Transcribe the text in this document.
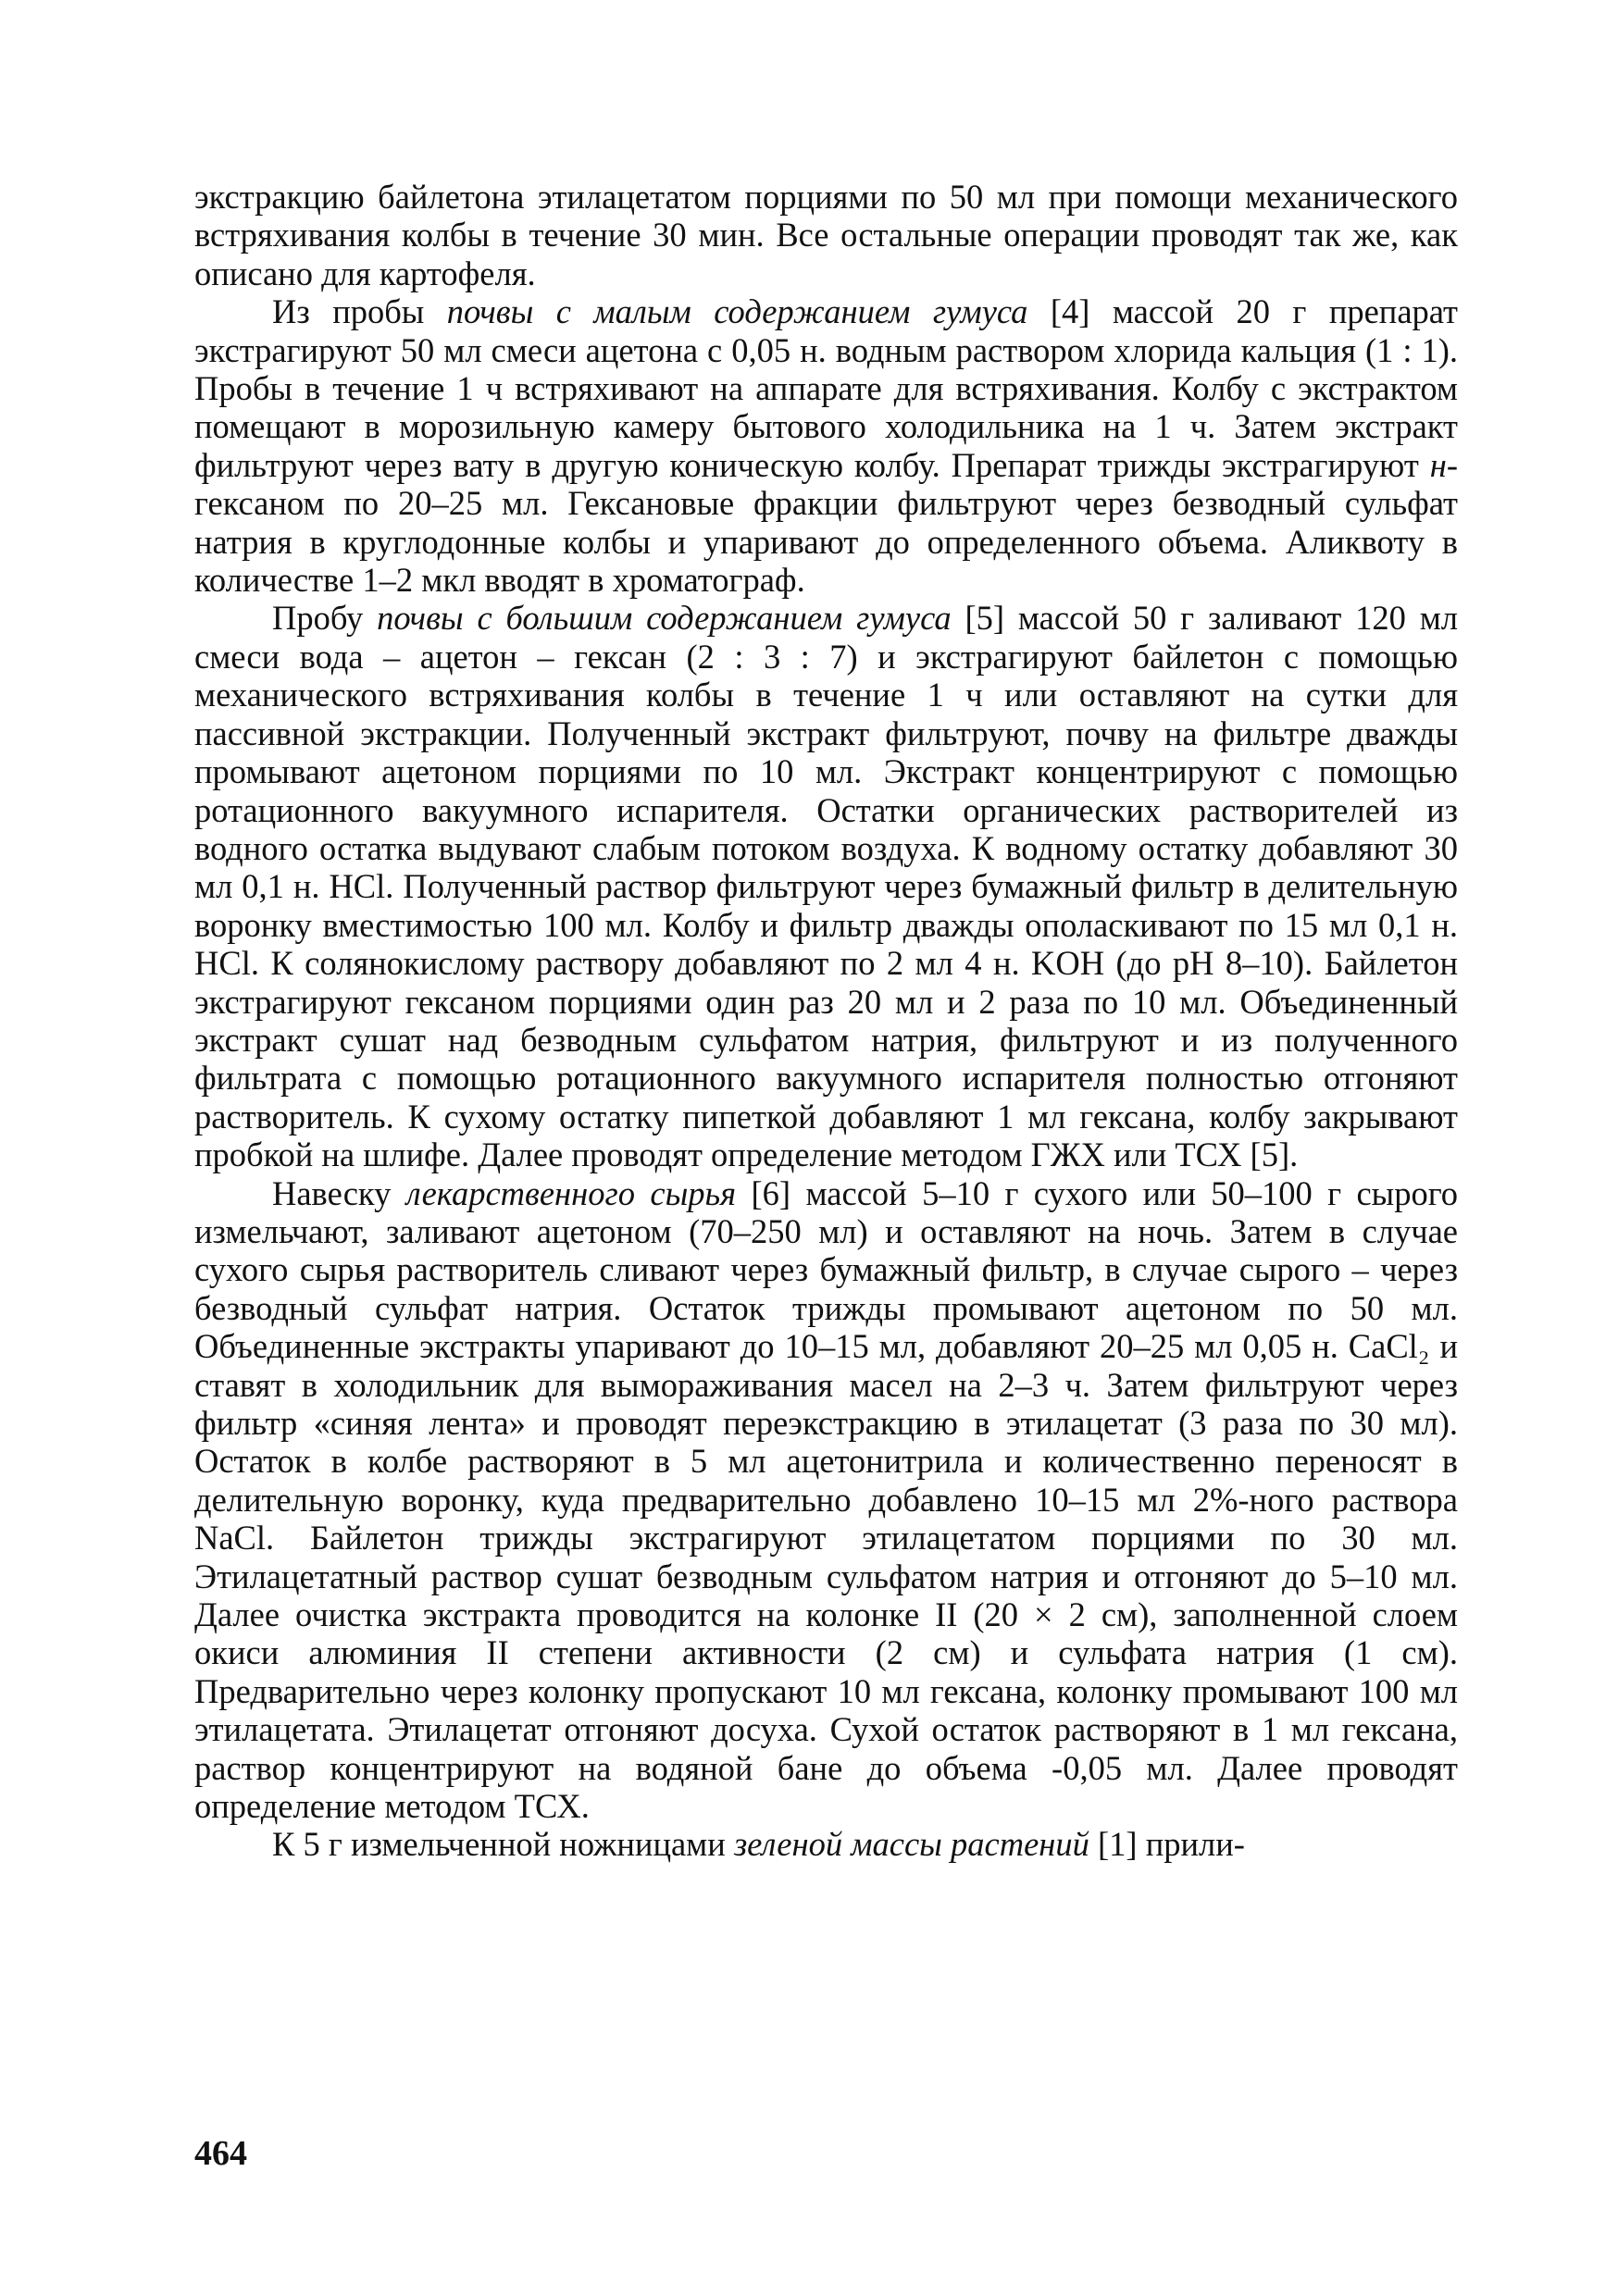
экстракцию байлетона этилацетатом порциями по 50 мл при помощи механического встряхивания колбы в течение 30 мин. Все остальные операции проводят так же, как описано для картофеля.

Из пробы почвы с малым содержанием гумуса [4] массой 20 г препарат экстрагируют 50 мл смеси ацетона с 0,05 н. водным раствором хлорида кальция (1 : 1). Пробы в течение 1 ч встряхивают на аппарате для встряхивания. Колбу с экстрактом помещают в морозильную камеру бытового холодильника на 1 ч. Затем экстракт фильтруют через вату в другую коническую колбу. Препарат трижды экстрагируют н-гексаном по 20–25 мл. Гексановые фракции фильтруют через безводный сульфат натрия в круглодонные колбы и упаривают до определенного объема. Аликвоту в количестве 1–2 мкл вводят в хроматограф.

Пробу почвы с большим содержанием гумуса [5] массой 50 г заливают 120 мл смеси вода – ацетон – гексан (2 : 3 : 7) и экстрагируют байлетон с помощью механического встряхивания колбы в течение 1 ч или оставляют на сутки для пассивной экстракции. Полученный экстракт фильтруют, почву на фильтре дважды промывают ацетоном порциями по 10 мл. Экстракт концентрируют с помощью ротационного вакуумного испарителя. Остатки органических растворителей из водного остатка выдувают слабым потоком воздуха. К водному остатку добавляют 30 мл 0,1 н. HCl. Полученный раствор фильтруют через бумажный фильтр в делительную воронку вместимостью 100 мл. Колбу и фильтр дважды ополаскивают по 15 мл 0,1 н. HCl. К солянокислому раствору добавляют по 2 мл 4 н. KOH (до pH 8–10). Байлетон экстрагируют гексаном порциями один раз 20 мл и 2 раза по 10 мл. Объединенный экстракт сушат над безводным сульфатом натрия, фильтруют и из полученного фильтрата с помощью ротационного вакуумного испарителя полностью отгоняют растворитель. К сухому остатку пипеткой добавляют 1 мл гексана, колбу закрывают пробкой на шлифе. Далее проводят определение методом ГЖХ или ТСХ [5].

Навеску лекарственного сырья [6] массой 5–10 г сухого или 50–100 г сырого измельчают, заливают ацетоном (70–250 мл) и оставляют на ночь. Затем в случае сухого сырья растворитель сливают через бумажный фильтр, в случае сырого – через безводный сульфат натрия. Остаток трижды промывают ацетоном по 50 мл. Объединенные экстракты упаривают до 10–15 мл, добавляют 20–25 мл 0,05 н. CaCl₂ и ставят в холодильник для вымораживания масел на 2–3 ч. Затем фильтруют через фильтр «синяя лента» и проводят переэкстракцию в этилацетат (3 раза по 30 мл). Остаток в колбе растворяют в 5 мл ацетонитрила и количественно переносят в делительную воронку, куда предварительно добавлено 10–15 мл 2%-ного раствора NaCl. Байлетон трижды экстрагируют этилацетатом порциями по 30 мл. Этилацетатный раствор сушат безводным сульфатом натрия и отгоняют до 5–10 мл. Далее очистка экстракта проводится на колонке II (20 × 2 см), заполненной слоем окиси алюминия II степени активности (2 см) и сульфата натрия (1 см). Предварительно через колонку пропускают 10 мл гексана, колонку промывают 100 мл этилацетата. Этилацетат отгоняют досуха. Сухой остаток растворяют в 1 мл гексана, раствор концентрируют на водяной бане до объема -0,05 мл. Далее проводят определение методом ТСХ.

К 5 г измельченной ножницами зеленой массы растений [1] прили-

464
